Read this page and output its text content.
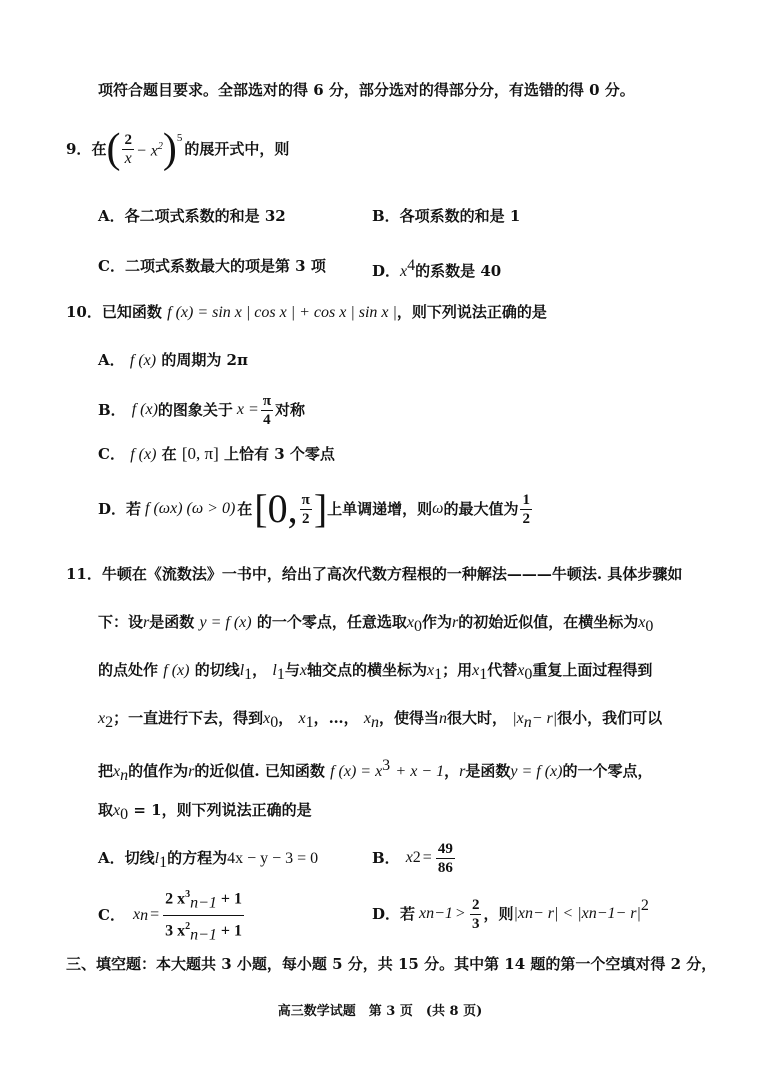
项符合题目要求。全部选对的得 6 分，部分选对的得部分分，有选错的得 0 分。
9． 在 ( $\frac{2}{x} - x^2$ )$^5$
的展开式中，则
A．各二项式系数的和是 32	B．各项系数的和是 1
C．二项式系数最大的项是第 3 项	D．$x^4$的系数是 40
10．已知函数 f (x) = sin x | cos x | + cos x | sin x |，则下列说法正确的是
A． f (x) 的周期为 2π
B． f (x) 的图象关于 $x = \frac{\pi}{4}$ 对称
C． f (x) 在 [0, π] 上恰有 3 个零点
D．若 f (ωx) (ω > 0) 在 [0, $\frac{\pi}{2}$ ] 上单调递增，则 ω 的最大值为 $\frac{1}{2}$
11．牛顿在《流数法》一书中，给出了高次代数方程根的一种解法———牛顿法. 具体步骤如
下：设r是函数 y = f (x) 的一个零点，任意选取$x_0$作为r的初始近似值，在横坐标为$x_0$
的点处作 f (x) 的切线$l_1$， $l_1$与x轴交点的横坐标为$x_1$；用$x_1$代替$x_0$重复上面过程得到
$x_2$；一直进行下去，得到$x_0$， $x_1$，…， $x_n$，使得当n很大时， $|x_n- r|$很小，我们可以
把$x_n$的值作为r的近似值. 已知函数 f $(x) = x^3 + x - 1$，r是函数y = f (x)的一个零点，
取$x_0 = 1$，则下列说法正确的是
A．切线$l_1$的方程为4x − y − 3 = 0	B． x $2 = \frac{49}{86}$
C． x $n = \frac{2 x^3_{n-1} + 1}{3 x^2_{n-1} + 1}$	D．若 x $n-1 > \frac{2}{3}$ ，则 |x n − r| < |x n−1 − r| 2
三、填空题：本大题共 3 小题，每小题 5 分，共 15 分。其中第 14 题的第一个空填对得 2 分，
高三数学试题　第 3 页　(共 8 页)
